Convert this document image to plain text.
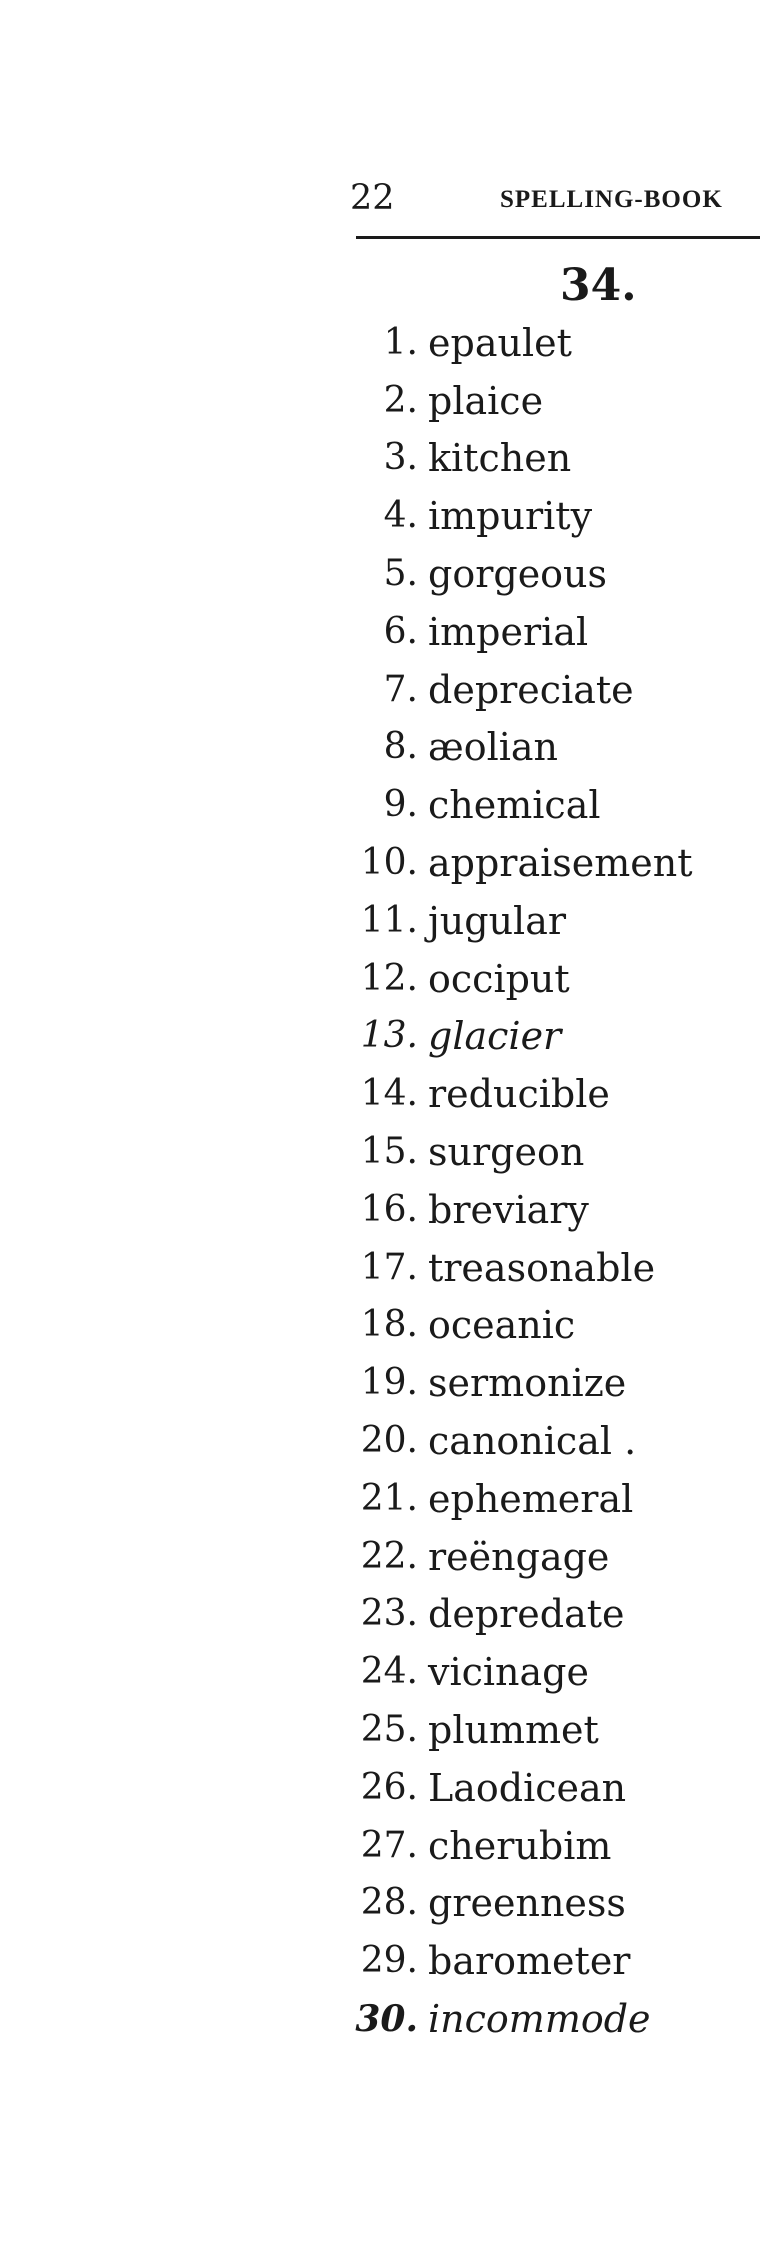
22	SPELLING-BOOK
34.
1. epaulet
2. plaice
3. kitchen
4. impurity
5. gorgeous
6. imperial
7. depreciate
8. æolian
9. chemical
10. appraisement
11. jugular
12. occiput
13. glacier
14. reducible
15. surgeon
16. breviary
17. treasonable
18. oceanic
19. sermonize
20. canonical .
21. ephemeral
22. reëngage
23. depredate
24. vicinage
25. plummet
26. Laodicean
27. cherubim
28. greenness
29. barometer
30. incommode
